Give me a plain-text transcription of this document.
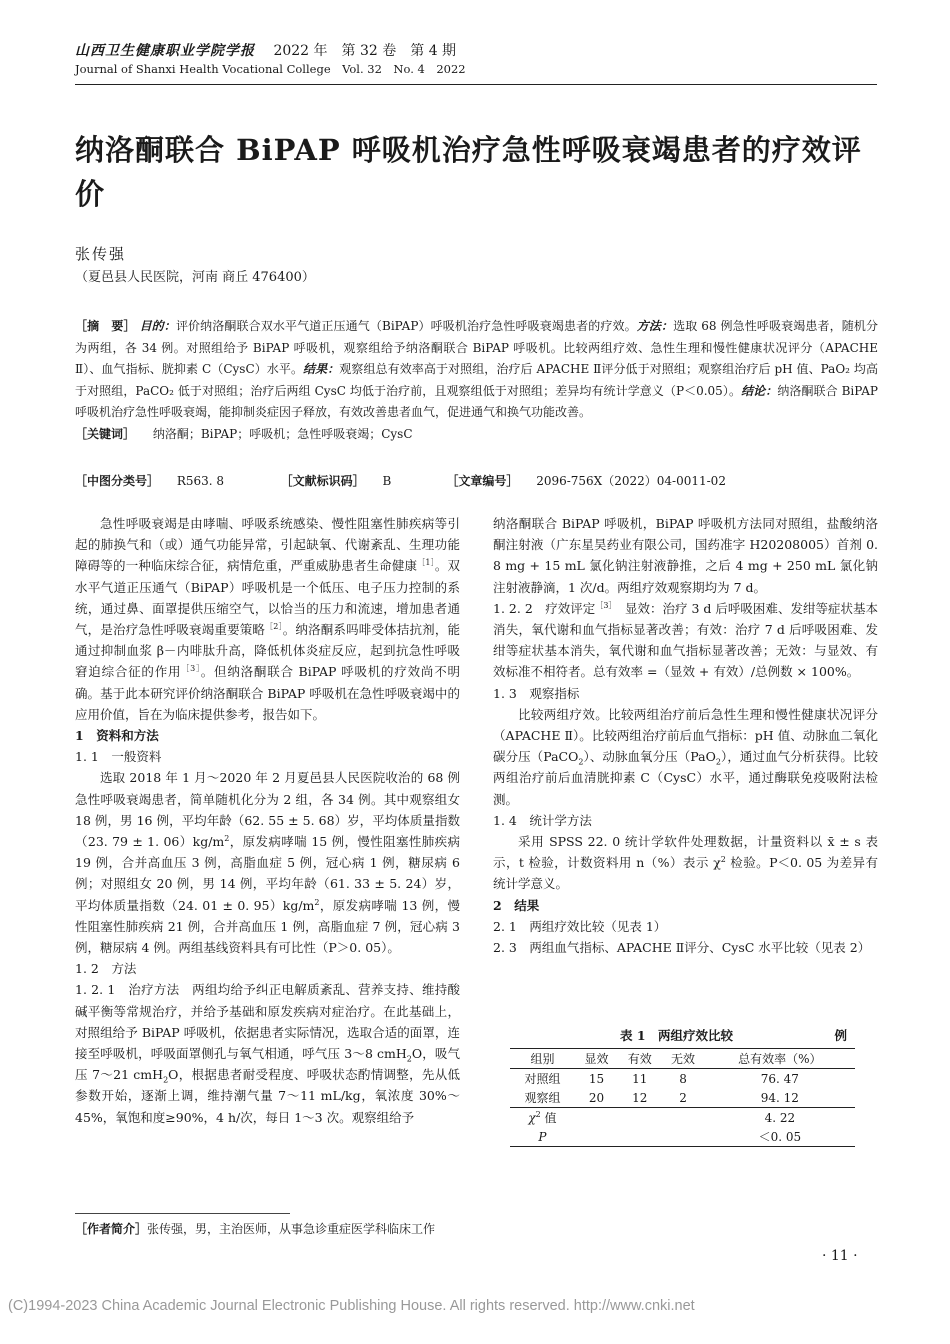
山西卫生健康职业学院学报 2022 年　第 32 卷　第 4 期
Journal of Shanxi Health Vocational College　Vol. 32　No. 4　2022
纳洛酮联合 BiPAP 呼吸机治疗急性呼吸衰竭患者的疗效评价
张传强
（夏邑县人民医院，河南 商丘 476400）
［摘　要］ 目的：评价纳洛酮联合双水平气道正压通气（BiPAP）呼吸机治疗急性呼吸衰竭患者的疗效。方法：选取 68 例急性呼吸衰竭患者，随机分为两组，各 34 例。对照组给予 BiPAP 呼吸机，观察组给予纳洛酮联合 BiPAP 呼吸机。比较两组疗效、急性生理和慢性健康状况评分（APACHE Ⅱ）、血气指标、胱抑素 C（CysC）水平。结果：观察组总有效率高于对照组，治疗后 APACHE Ⅱ评分低于对照组；观察组治疗后 pH 值、PaO₂ 均高于对照组，PaCO₂ 低于对照组；治疗后两组 CysC 均低于治疗前，且观察组低于对照组；差异均有统计学意义（P＜0.05）。结论：纳洛酮联合 BiPAP 呼吸机治疗急性呼吸衰竭，能抑制炎症因子释放，有效改善患者血气，促进通气和换气功能改善。
［关键词］ 纳洛酮；BiPAP；呼吸机；急性呼吸衰竭；CysC
［中图分类号］ R563. 8	［文献标识码］ B	［文章编号］ 2096-756X（2022）04-0011-02

急性呼吸衰竭是由哮喘、呼吸系统感染、慢性阻塞性肺疾病等引起的肺换气和（或）通气功能异常，引起缺氧、代谢紊乱、生理功能障碍等的一种临床综合征，病情危重，严重威胁患者生命健康$^{[1]}$。双水平气道正压通气（BiPAP）呼吸机是一个低压、电子压力控制的系统，通过鼻、面罩提供压缩空气，以恰当的压力和流速，增加患者通气，是治疗急性呼吸衰竭重要策略$^{[2]}$。纳洛酮系吗啡受体拮抗剂，能通过抑制血浆 β－内啡肽升高，降低机体炎症反应，起到抗急性呼吸窘迫综合征的作用$^{[3]}$。但纳洛酮联合 BiPAP 呼吸机的疗效尚不明确。基于此本研究评价纳洛酮联合 BiPAP 呼吸机在急性呼吸衰竭中的应用价值，旨在为临床提供参考，报告如下。

1　资料和方法

1. 1　一般资料

选取 2018 年 1 月～2020 年 2 月夏邑县人民医院收治的 68 例急性呼吸衰竭患者，简单随机化分为 2 组，各 34 例。其中观察组女 18 例，男 16 例，平均年龄（62. 55 ± 5. 68）岁，平均体质量指数（23. 79 ± 1. $06)kg/m^2$，原发病哮喘 15 例，慢性阻塞性肺疾病 19 例，合并高血压 3 例，高脂血症 5 例，冠心病 1 例，糖尿病 6 例；对照组女 20 例，男 14 例，平均年龄（61. 33 ± 5. 24）岁，平均体质量指数（24. 01 ± 0. $95)kg/m^2$，原发病哮喘 13 例，慢性阻塞性肺疾病 21 例，合并高血压 1 例，高脂血症 7 例，冠心病 3 例，糖尿病 4 例。两组基线资料具有可比性（P＞0. 05）。

1. 2　方法

1. 2. 1　治疗方法　 两组均给予纠正电解质紊乱、营养支持、维持酸碱平衡等常规治疗，并给予基础和原发疾病对症治疗。在此基础上，对照组给予 BiPAP 呼吸机，依据患者实际情况，选取合适的面罩，连接至呼吸机，呼吸面罩侧孔与氧气相通，呼气压 3～8 cmH$_2$O，吸气压 7～21 cmH$_2$O，根据患者耐受程度、呼吸状态酌情调整，先从低参数开始，逐渐上调，维持潮气量 7～11 mL/kg，氧浓度 30%～45%，氧饱和度≥90%，4 h/次，每日 1～3 次。观察组给予

纳洛酮联合 BiPAP 呼吸机，BiPAP 呼吸机方法同对照组，盐酸纳洛酮注射液（广东星昊药业有限公司，国药准字 H20208005）首剂 0. 8 mg + 15 mL 氯化钠注射液静推，之后 4 mg + 250 mL 氯化钠注射液静滴，1 次/d。两组疗效观察期均为 7 d。

1. 2. 2　疗效评定$^{[3]}$　显效：治疗 3 d 后呼吸困难、发绀等症状基本消失，氧代谢和血气指标显著改善；有效：治疗 7 d 后呼吸困难、发绀等症状基本消失，氧代谢和血气指标显著改善；无效：与显效、有效标准不相符者。总有效率 =（显效 + 有效）/总例数 × 100%。

1. 3　观察指标

比较两组疗效。比较两组治疗前后急性生理和慢性健康状况评分（APACHE Ⅱ）。比较两组治疗前后血气指标：pH 值、动脉血二氧化碳分压（PaCO$_2$）、动脉血氧分压（PaO$_2$），通过血气分析获得。比较两组治疗前后血清胱抑素 C（CysC）水平，通过酶联免疫吸附法检测。

1. 4　统计学方法

采用 SPSS 22. 0 统计学软件处理数据，计量资料以 x̄ ± s 表示，t 检验，计数资料用 n（%）表示 $\chi^2$ 检验。P＜0. 05 为差异有统计学意义。

2　结果

2. 1　两组疗效比较（见表 1）

2. 3　两组血气指标、APACHE Ⅱ评分、CysC 水平比较（见表 2）

表 1　两组疗效比较	例
组别	显效	有效	无效	总有效率（%）
对照组	15	11	8	76. 47
观察组	20	12	2	94. 12
$\chi^2$ 值				4. 22
P				＜0. 05
［作者简介］张传强，男，主治医师，从事急诊重症医学科临床工作
· 11 ·
(C)1994-2023 China Academic Journal Electronic Publishing House. All rights reserved. http://www.cnki.net
